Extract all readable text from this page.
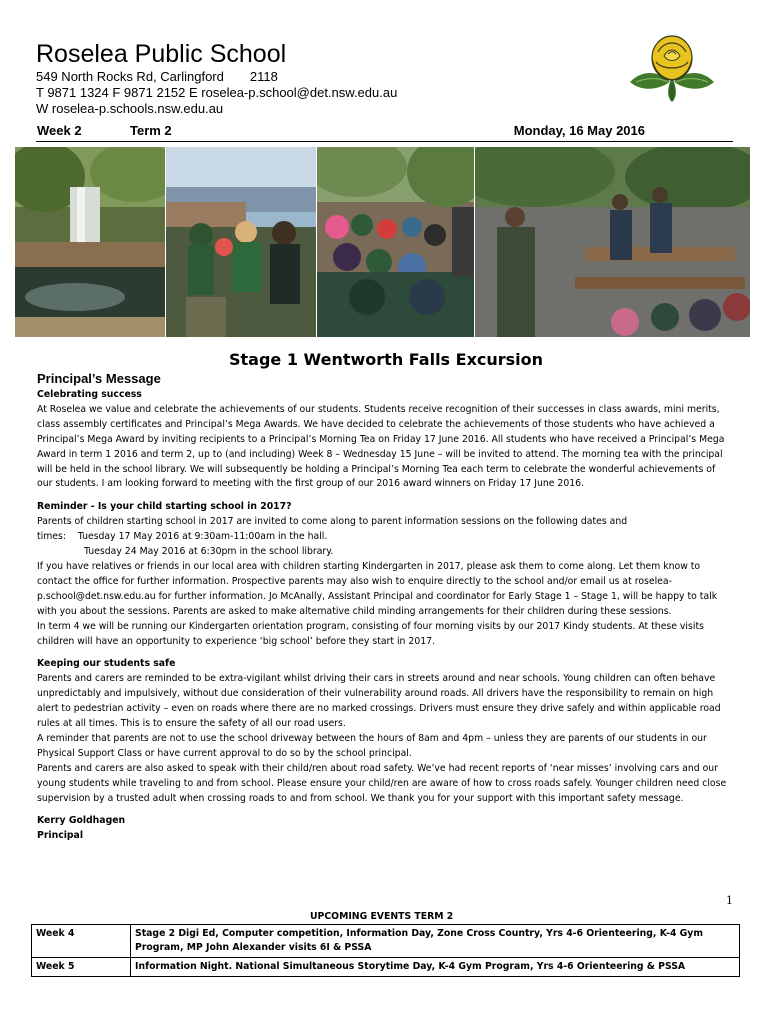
Roselea Public School
549 North Rocks Rd, Carlingford 2118
T 9871 1324 F 9871 2152 E roselea-p.school@det.nsw.edu.au
W roselea-p.schools.nsw.edu.au
Week 2	Term 2	Monday, 16 May 2016
Stage 1 Wentworth Falls Excursion
Principal’s Message

Celebrating success

At Roselea we value and celebrate the achievements of our students. Students receive recognition of their successes in class awards, mini merits, class assembly certificates and Principal’s Mega Awards. We have decided to celebrate the achievements of those students who have achieved a Principal’s Mega Award by inviting recipients to a Principal’s Morning Tea on Friday 17 June 2016. All students who have received a Principal’s Mega Award in term 1 2016 and term 2, up to (and including) Week 8 – Wednesday 15 June – will be invited to attend. The morning tea with the principal will be held in the school library. We will subsequently be holding a Principal’s Morning Tea each term to celebrate the wonderful achievements of our students. I am looking forward to meeting with the first group of our 2016 award winners on Friday 17 June 2016.

Reminder - Is your child starting school in 2017?

Parents of children starting school in 2017 are invited to come along to parent information sessions on the following dates and

times: Tuesday 17 May 2016 at 9:30am-11:00am in the hall.

Tuesday 24 May 2016 at 6:30pm in the school library.

If you have relatives or friends in our local area with children starting Kindergarten in 2017, please ask them to come along. Let them know to contact the office for further information. Prospective parents may also wish to enquire directly to the school and/or email us at roselea-p.school@det.nsw.edu.au for further information. Jo McAnally, Assistant Principal and coordinator for Early Stage 1 – Stage 1, will be happy to talk with you about the sessions. Parents are asked to make alternative child minding arrangements for their children during these sessions.

In term 4 we will be running our Kindergarten orientation program, consisting of four morning visits by our 2017 Kindy students. At these visits children will have an opportunity to experience ‘big school’ before they start in 2017.

Keeping our students safe

Parents and carers are reminded to be extra-vigilant whilst driving their cars in streets around and near schools. Young children can often behave unpredictably and impulsively, without due consideration of their vulnerability around roads. All drivers have the responsibility to remain on high alert to pedestrian activity – even on roads where there are no marked crossings. Drivers must ensure they drive safely and within applicable road rules at all times. This is to ensure the safety of all our road users.

A reminder that parents are not to use the school driveway between the hours of 8am and 4pm – unless they are parents of our students in our Physical Support Class or have current approval to do so by the school principal.

Parents and carers are also asked to speak with their child/ren about road safety. We’ve had recent reports of ‘near misses’ involving cars and our young students while traveling to and from school. Please ensure your child/ren are aware of how to cross roads safely. Younger children need close supervision by a trusted adult when crossing roads to and from school. We thank you for your support with this important safety message.

Kerry Goldhagen

Principal

1
UPCOMING EVENTS TERM 2
Week 4	Stage 2 Digi Ed, Computer competition, Information Day, Zone Cross Country, Yrs 4-6 Orienteering, K-4 Gym Program, MP John Alexander visits 6I & PSSA
Week 5	Information Night. National Simultaneous Storytime Day, K-4 Gym Program, Yrs 4-6 Orienteering & PSSA
